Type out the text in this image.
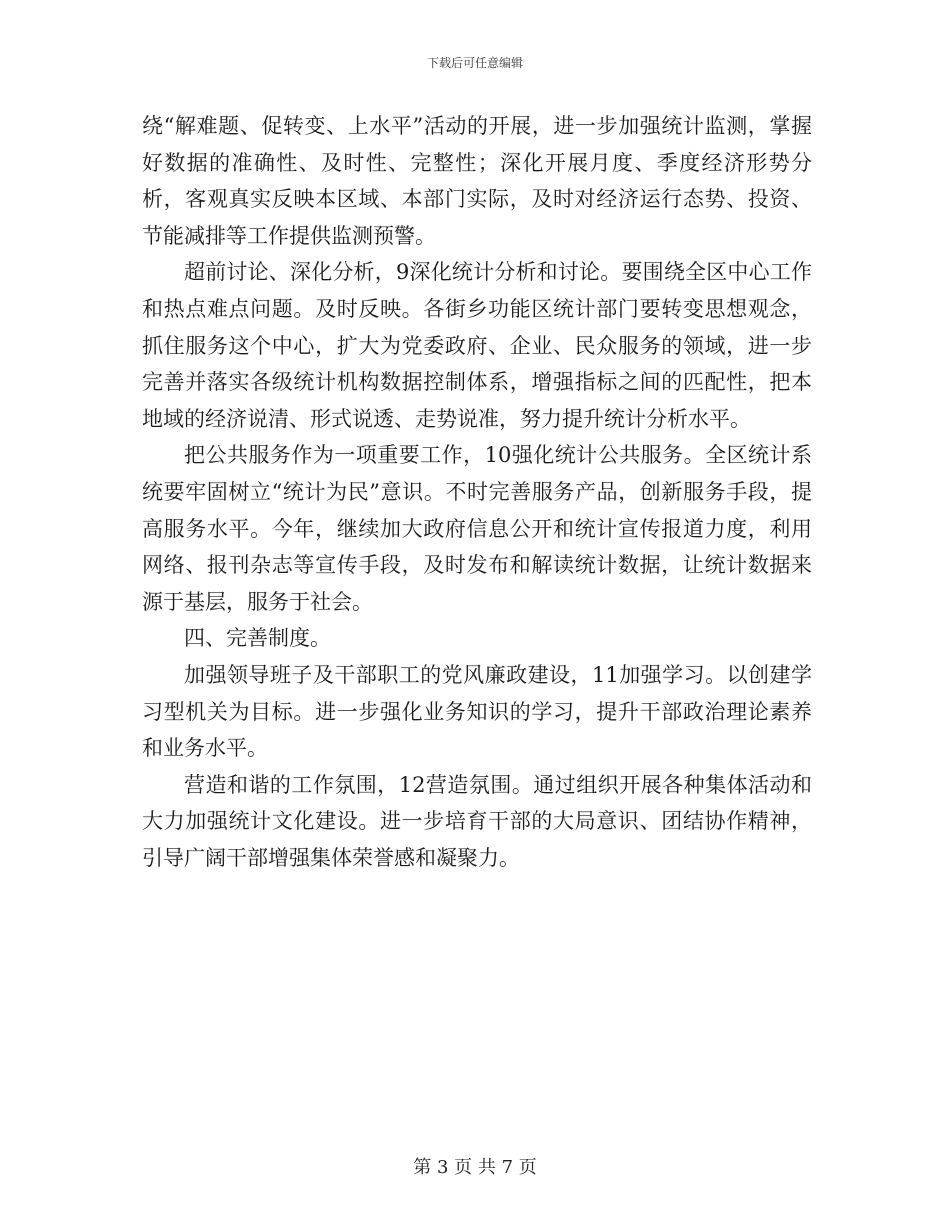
下载后可任意编辑

绕“解难题、促转变、上水平”活动的开展，进一步加强统计监测，掌握好数据的准确性、及时性、完整性；深化开展月度、季度经济形势分析，客观真实反映本区域、本部门实际，及时对经济运行态势、投资、节能减排等工作提供监测预警。

超前讨论、深化分析，9深化统计分析和讨论。要围绕全区中心工作和热点难点问题。及时反映。各街乡功能区统计部门要转变思想观念，抓住服务这个中心，扩大为党委政府、企业、民众服务的领域，进一步完善并落实各级统计机构数据控制体系，增强指标之间的匹配性，把本地域的经济说清、形式说透、走势说准，努力提升统计分析水平。

把公共服务作为一项重要工作，10强化统计公共服务。全区统计系统要牢固树立“统计为民”意识。不时完善服务产品，创新服务手段，提高服务水平。今年，继续加大政府信息公开和统计宣传报道力度，利用网络、报刊杂志等宣传手段，及时发布和解读统计数据，让统计数据来源于基层，服务于社会。

四、完善制度。

加强领导班子及干部职工的党风廉政建设，11加强学习。以创建学习型机关为目标。进一步强化业务知识的学习，提升干部政治理论素养和业务水平。

营造和谐的工作氛围，12营造氛围。通过组织开展各种集体活动和大力加强统计文化建设。进一步培育干部的大局意识、团结协作精神，引导广阔干部增强集体荣誉感和凝聚力。

第 3 页 共 7 页
